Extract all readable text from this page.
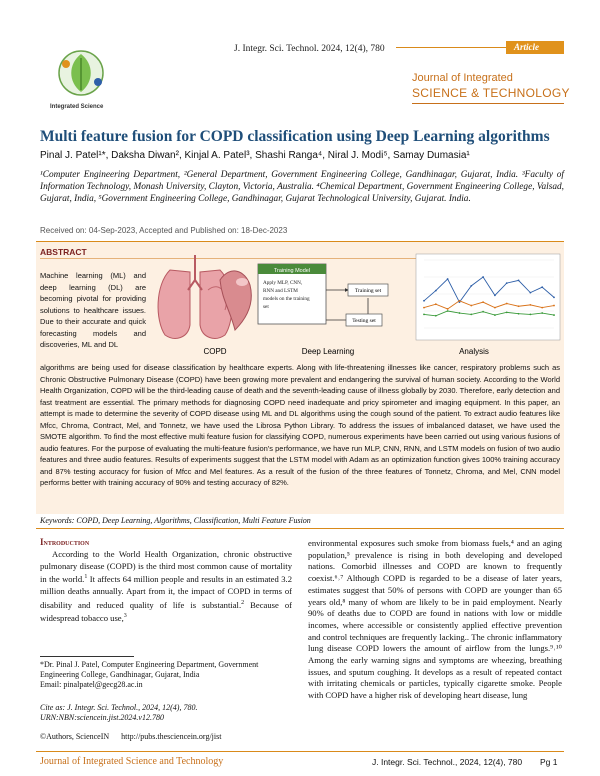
Integrated Science
J. Integr. Sci. Technol. 2024, 12(4), 780	Article
Journal of Integrated
SCIENCE & TECHNOLOGY
Multi feature fusion for COPD classification using Deep Learning algorithms
Pinal J. Patel¹*, Daksha Diwan², Kinjal A. Patel³, Shashi Ranga⁴, Niral J. Modi⁵, Samay Dumasia¹
¹Computer Engineering Department, ²General Department, Government Engineering College, Gandhinagar, Gujarat, India. ³Faculty of Information Technology, Monash University, Clayton, Victoria, Australia. ⁴Chemical Department, Government Engineering College, Valsad, Gujarat, India, ⁵Government Engineering College, Gandhinagar, Gujarat Technological University, Gujarat. India.
Received on: 04-Sep-2023, Accepted and Published on: 18-Dec-2023
ABSTRACT
Machine learning (ML) and deep learning (DL) are becoming pivotal for providing solutions to healthcare issues. Due to their accurate and quick forecasting models and discoveries, ML and DL
Training Model
Apply MLP, CNN,
RNN and LSTM
models on the training
set
Training set
Testing set
COPD	Deep Learning	Analysis
algorithms are being used for disease classification by healthcare experts. Along with life-threatening illnesses like cancer, respiratory problems such as Chronic Obstructive Pulmonary Disease (COPD) have been growing more prevalent and endangering the survival of human society. According to the World Health Organization, COPD will be the third-leading cause of death and the seventh-leading cause of illness globally by 2030. Therefore, early detection and fast treatment are essential. The primary methods for diagnosing COPD need inadequate and pricy spirometer and imaging equipment. In this paper, an attempt is made to determine the severity of COPD disease using ML and DL algorithms using the cough sound of the patient. To extract audio features like Mfcc, Chroma, Contract, Mel, and Tonnetz, we have used the Librosa Python Library. To address the issues of imbalanced dataset, we have used the SMOTE algorithm. To find the most effective multi feature fusion for classifying COPD, numerous experiments have been carried out using various fusions of audio features. For the purpose of evaluating the multi-feature fusion's performance, we have run MLP, CNN, RNN, and LSTM models on fusion of two audio features and three audio features. Results of experiments suggest that the LSTM model with Adam as an optimization function gives 100% training accuracy and 87% testing accuracy for fusion of Mfcc and Mel features. As a result of the fusion of the three features of Tonnetz, Chroma, and Mel, CNN model performs better with training accuracy of 90% and testing accuracy of 82%.
Keywords: COPD, Deep Learning, Algorithms, Classification, Multi Feature Fusion
Introduction

According to the World Health Organization, chronic obstructive pulmonary disease (COPD) is the third most common cause of mortality in the world.$^1$ It affects 64 million people and results in an estimated 3.2 million deaths annually. Apart from it, the impact of COPD in terms of disability and reduced quality of life is substantial.$^2$ Because of widespread tobacco use,$^3$

environmental exposures such smoke from biomass fuels,⁴ and an aging population,⁵ prevalence is rising in both developing and developed nations. Comorbid illnesses and COPD are known to frequently coexist.⁶˒⁷ Although COPD is regarded to be a disease of later years, estimates suggest that 50% of persons with COPD are younger than 65 years old,⁸ many of whom are likely to be in paid employment. Nearly 90% of deaths due to COPD are found in nations with low or middle incomes, where accessible or consistently applied effective prevention and control techniques are frequently lacking.. The chronic inflammatory lung disease COPD lowers the amount of airflow from the lungs.⁹˒¹⁰ Among the early warning signs and symptoms are wheezing, breathing issues, and sputum coughing. It develops as a result of repeated contact with irritating chemicals or particles, typically cigarette smoke. People with COPD have a higher risk of developing heart disease, lung
*Dr. Pinal J. Patel, Computer Engineering Department, Government Engineering College, Gandhinagar, Gujarat, India
Email: pinalpatel@gecg28.ac.in
Cite as: J. Integr. Sci. Technol., 2024, 12(4), 780.
URN:NBN:sciencein.jist.2024.v12.780
©Authors, ScienceIN      http://pubs.thesciencein.org/jist
Journal of Integrated Science and Technology	J. Integr. Sci. Technol., 2024, 12(4), 780 Pg 1
